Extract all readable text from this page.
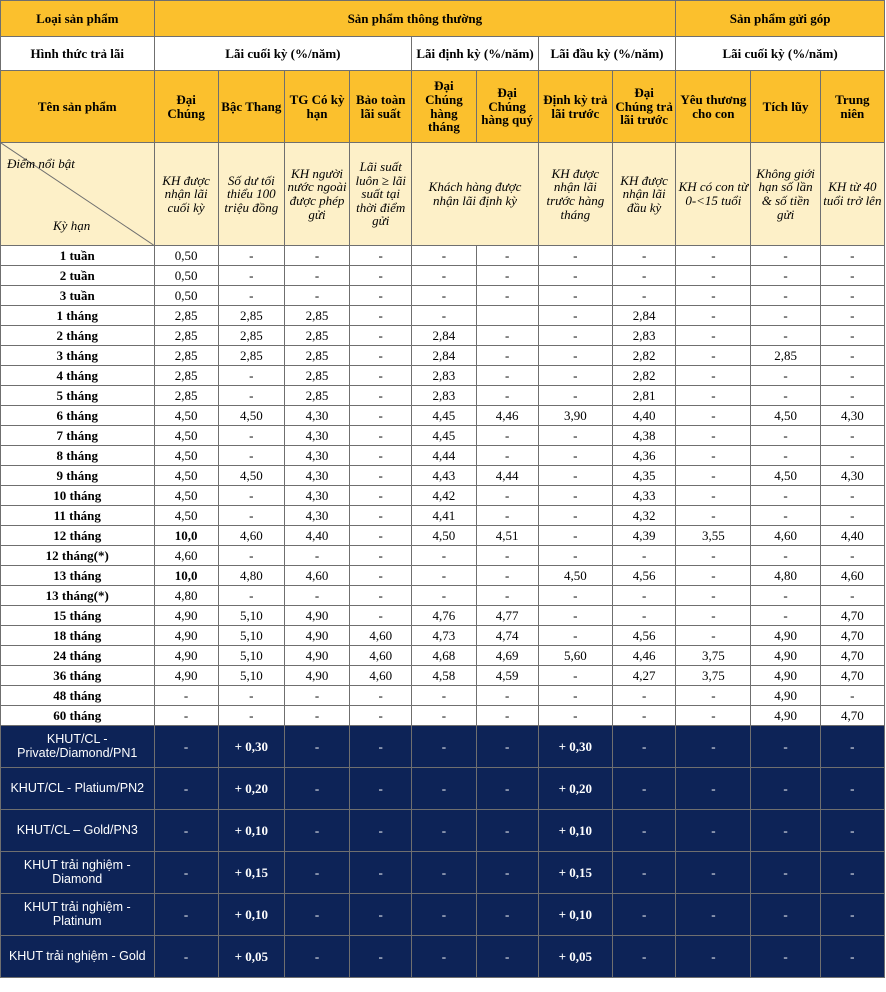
Loại sản phẩm	Sản phẩm thông thường								Sản phẩm gửi góp		
Hình thức trả lãi	Lãi cuối kỳ (%/năm)				Lãi định kỳ (%/năm)		Lãi đầu kỳ (%/năm)		Lãi cuối kỳ (%/năm)		
Tên sản phẩm	Đại Chúng	Bậc Thang	TG Có kỳ hạn	Bảo toàn lãi suất	Đại Chúng hàng tháng	Đại Chúng hàng quý	Định kỳ trả lãi trước	Đại Chúng trả lãi trước	Yêu thương cho con	Tích lũy	Trung niên

Điểm nổi bật
Kỳ hạn	KH được nhận lãi cuối kỳ	Số dư tối thiểu 100 triệu đồng	KH người nước ngoài được phép gửi	Lãi suất luôn ≥ lãi suất tại thời điểm gửi	Khách hàng được nhận lãi định kỳ		KH được nhận lãi trước hàng tháng	KH được nhận lãi đầu kỳ	KH có con từ 0-<15 tuổi	Không giới hạn số lần & số tiền gửi	KH từ 40 tuổi trở lên
1 tuần	0,50	-	-	-	-	-	-	-	-	-	-
2 tuần	0,50	-	-	-	-	-	-	-	-	-	-
3 tuần	0,50	-	-	-	-	-	-	-	-	-	-
1 tháng	2,85	2,85	2,85	-	-		-	2,84	-	-	-
2 tháng	2,85	2,85	2,85	-	2,84	-	-	2,83	-	-	-
3 tháng	2,85	2,85	2,85	-	2,84	-	-	2,82	-	2,85	-
4 tháng	2,85	-	2,85	-	2,83	-	-	2,82	-	-	-
5 tháng	2,85	-	2,85	-	2,83	-	-	2,81	-	-	-
6 tháng	4,50	4,50	4,30	-	4,45	4,46	3,90	4,40	-	4,50	4,30
7 tháng	4,50	-	4,30	-	4,45	-	-	4,38	-	-	-
8 tháng	4,50	-	4,30	-	4,44	-	-	4,36	-	-	-
9 tháng	4,50	4,50	4,30	-	4,43	4,44	-	4,35	-	4,50	4,30
10 tháng	4,50	-	4,30	-	4,42	-	-	4,33	-	-	-
11 tháng	4,50	-	4,30	-	4,41	-	-	4,32	-	-	-
12 tháng	10,0	4,60	4,40	-	4,50	4,51	-	4,39	3,55	4,60	4,40
12 tháng(*)	4,60	-	-	-	-	-	-	-	-	-	-
13 tháng	10,0	4,80	4,60	-	-	-	4,50	4,56	-	4,80	4,60
13 tháng(*)	4,80	-	-	-	-	-	-	-	-	-	-
15 tháng	4,90	5,10	4,90	-	4,76	4,77	-	-	-	-	4,70
18 tháng	4,90	5,10	4,90	4,60	4,73	4,74	-	4,56	-	4,90	4,70
24 tháng	4,90	5,10	4,90	4,60	4,68	4,69	5,60	4,46	3,75	4,90	4,70
36 tháng	4,90	5,10	4,90	4,60	4,58	4,59	-	4,27	3,75	4,90	4,70
48 tháng	-	-	-	-	-	-	-	-	-	4,90	-
60 tháng	-	-	-	-	-	-	-	-	-	4,90	4,70
KHUT/CL - Private/Diamond/PN1	-	+ 0,30	-	-	-	-	+ 0,30	-	-	-	-
KHUT/CL - Platium/PN2	-	+ 0,20	-	-	-	-	+ 0,20	-	-	-	-
KHUT/CL – Gold/PN3	-	+ 0,10	-	-	-	-	+ 0,10	-	-	-	-
KHUT trải nghiệm - Diamond	-	+ 0,15	-	-	-	-	+ 0,15	-	-	-	-
KHUT trải nghiệm - Platinum	-	+ 0,10	-	-	-	-	+ 0,10	-	-	-	-
KHUT trải nghiệm - Gold	-	+ 0,05	-	-	-	-	+ 0,05	-	-	-	-
